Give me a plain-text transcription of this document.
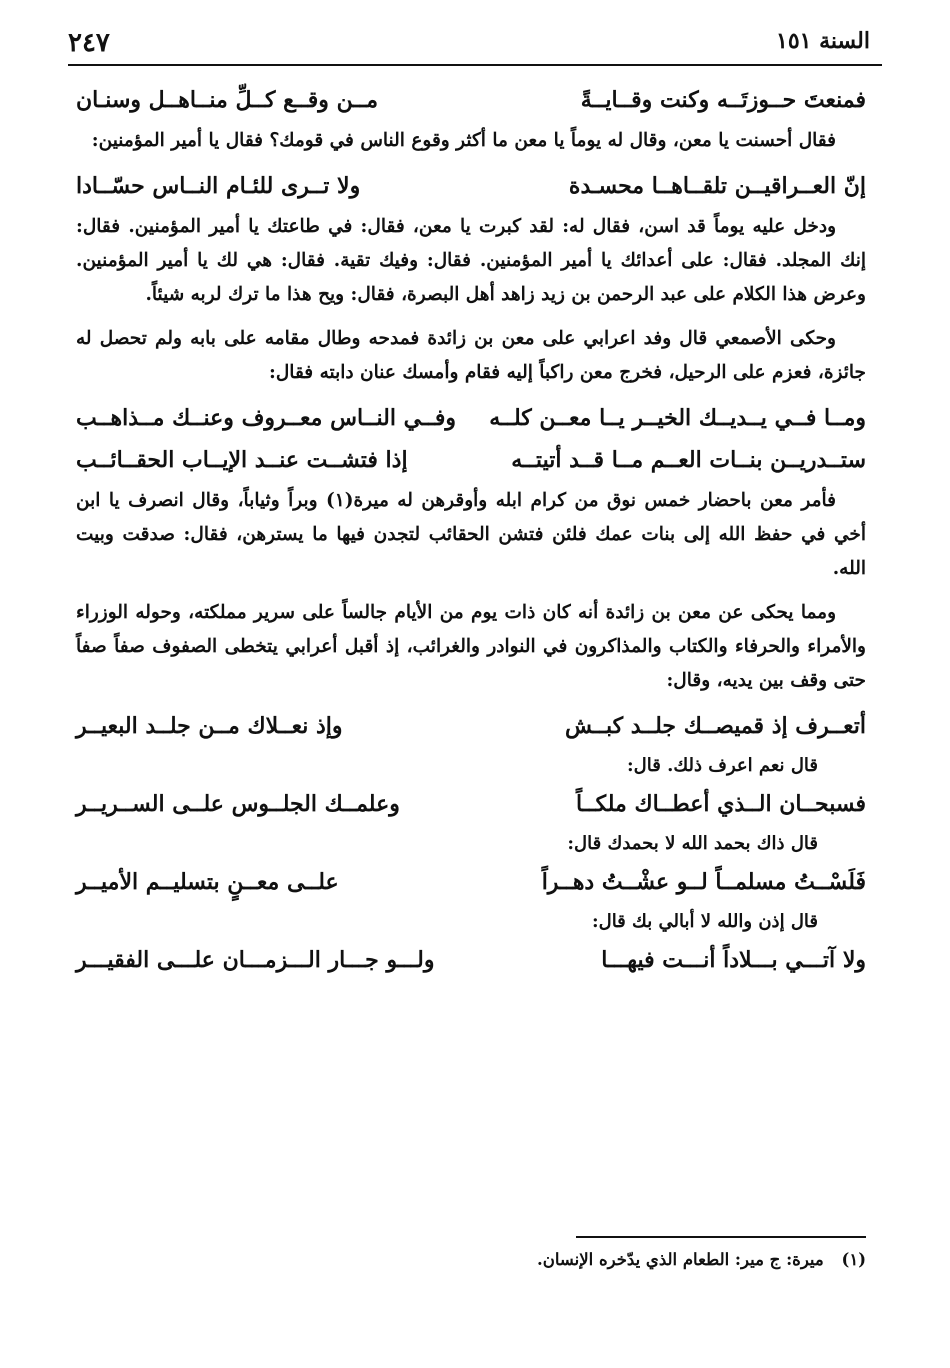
السنة ١٥١
٢٤٧
فمنعتَ حــوزتَــه وكنت وقــايــةً
مــن وقــع كــلِّ منــاهــل وسنـان
فقال أحسنت يا معن، وقال له يوماً يا معن ما أكثر وقوع الناس في قومك؟ فقال يا أمير المؤمنين:
إنّ العــراقيــن تلقــاهــا محسـدة
ولا تــرى للئـام النــاس حسّــادا
ودخل عليه يوماً قد اسن، فقال له: لقد كبرت يا معن، فقال: في طاعتك يا أمير المؤمنين. فقال: إنك المجلد. فقال: على أعدائك يا أمير المؤمنين. فقال: وفيك تقية. فقال: هي لك يا أمير المؤمنين. وعرض هذا الكلام على عبد الرحمن بن زيد زاهد أهل البصرة، فقال: ويح هذا ما ترك لربه شيئاً.
وحكى الأصمعي قال وفد اعرابي على معن بن زائدة فمدحه وطال مقامه على بابه ولم تحصل له جائزة، فعزم على الرحيل، فخرج معن راكباً إليه فقام وأمسك عنان دابته فقال:
ومــا فــي يــديــك الخيــر يــا معــن كلــه
وفــي النــاس معــروف وعنــك مــذاهــب
ستــدريــن بنــات العــم مــا قــد أتيتــه
إذا فتشــت عنــد الإيــاب الحقــائــب
فأمر معن باحضار خمس نوق من كرام ابله وأوقرهن له ميرة(١) وبراً وثياباً، وقال انصرف يا ابن أخي في حفظ الله إلى بنات عمك فلئن فتشن الحقائب لتجدن فيها ما يسترهن، فقال: صدقت وبيت الله.
ومما يحكى عن معن بن زائدة أنه كان ذات يوم من الأيام جالساً على سرير مملكته، وحوله الوزراء والأمراء والحرفاء والكتاب والمذاكرون في النوادر والغرائب، إذ أقبل أعرابي يتخطى الصفوف صفاً صفاً حتى وقف بين يديه، وقال:
أتعــرف إذ قميصــك جلــد كبــش
وإذ نعــلاك مــن جلــد البعيــر
قال نعم اعرف ذلك. قال:
فسبحــان الــذي أعطــاك ملكــاً
وعلمــك الجلــوس علــى الســريــر
قال ذاك بحمد الله لا بحمدك قال:
فَلَسْــتُ مسلمــاً لــو عشْــتُ دهــراً
علــى معــنٍ بتسليــم الأميــر
قال إذن والله لا أبالي بك قال:
ولا آتـــي بـــلاداً أنـــت فيهـــا
ولـــو جـــار الـــزمـــان علـــى الفقيـــر
(١) ميرة: ج مير: الطعام الذي يدّخره الإنسان.
